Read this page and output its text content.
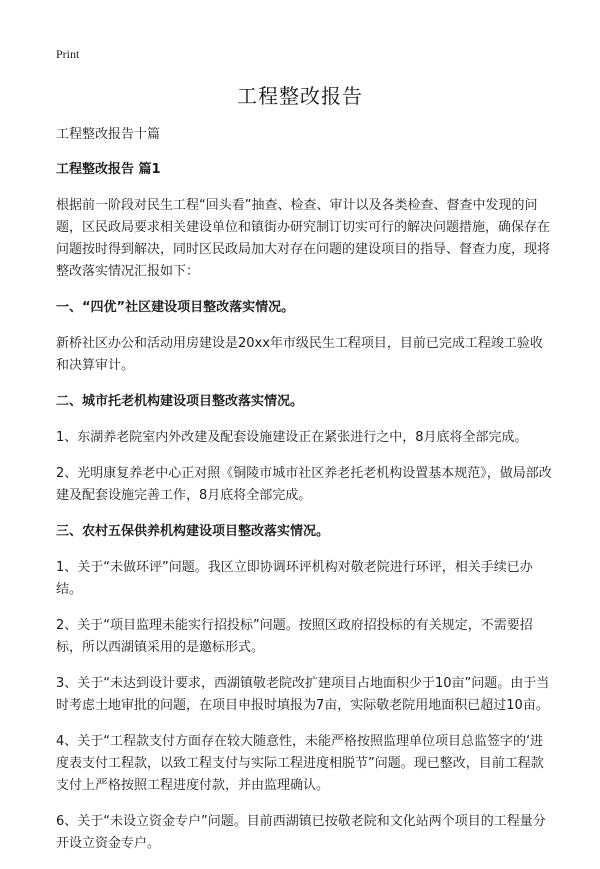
Print
工程整改报告

工程整改报告十篇

工程整改报告 篇1

根据前一阶段对民生工程“回头看”抽查、检查、审计以及各类检查、督查中发现的问题，区民政局要求相关建设单位和镇街办研究制订切实可行的解决问题措施，确保存在问题按时得到解决，同时区民政局加大对存在问题的建设项目的指导、督查力度，现将整改落实情况汇报如下：

一、“四优”社区建设项目整改落实情况。

新桥社区办公和活动用房建设是20xx年市级民生工程项目，目前已完成工程竣工验收和决算审计。

二、城市托老机构建设项目整改落实情况。

1、东湖养老院室内外改建及配套设施建设正在紧张进行之中，8月底将全部完成。

2、光明康复养老中心正对照《铜陵市城市社区养老托老机构设置基本规范》，做局部改建及配套设施完善工作，8月底将全部完成。

三、农村五保供养机构建设项目整改落实情况。

1、关于“未做环评”问题。我区立即协调环评机构对敬老院进行环评，相关手续已办结。

2、关于“项目监理未能实行招投标”问题。按照区政府招投标的有关规定，不需要招标，所以西湖镇采用的是邀标形式。

3、关于“未达到设计要求，西湖镇敬老院改扩建项目占地面积少于10亩”问题。由于当时考虑土地审批的问题，在项目申报时填报为7亩，实际敬老院用地面积已超过10亩。

4、关于“工程款支付方面存在较大随意性，未能严格按照监理单位项目总监签字的‘进度表支付工程款，以致工程支付与实际工程进度相脱节”问题。现已整改，目前工程款支付上严格按照工程进度付款，并由监理确认。

6、关于“未设立资金专户”问题。目前西湖镇已按敬老院和文化站两个项目的工程量分开设立资金专户。
